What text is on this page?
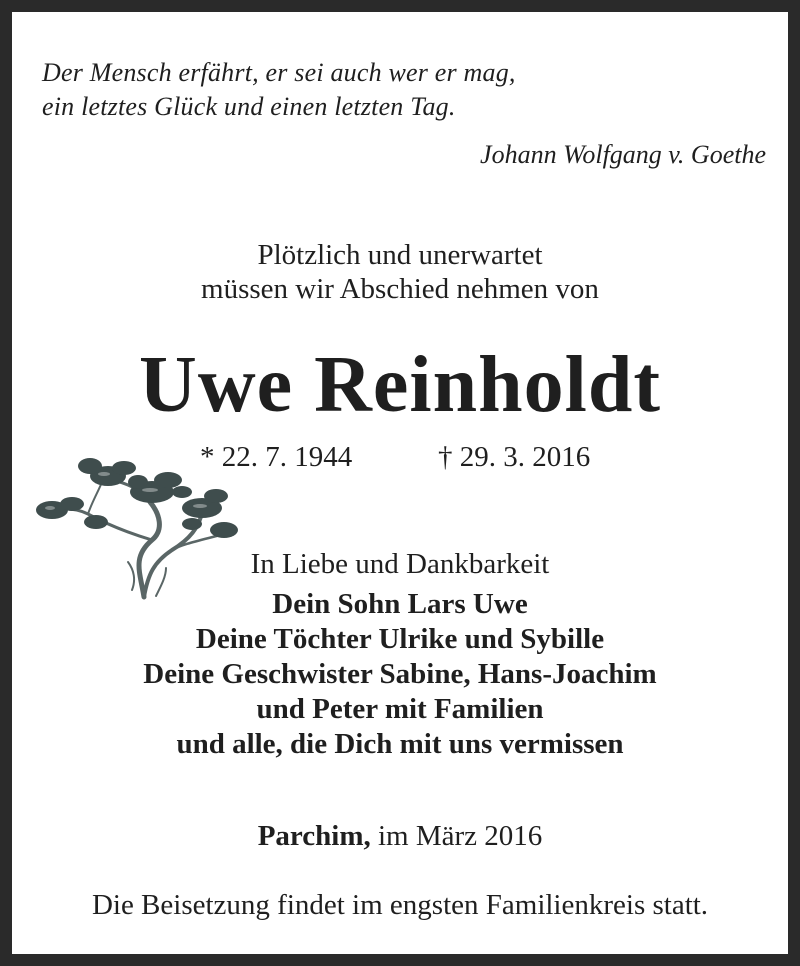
Der Mensch erfährt, er sei auch wer er mag,
ein letztes Glück und einen letzten Tag.
Johann Wolfgang v. Goethe
Plötzlich und unerwartet
müssen wir Abschied nehmen von
Uwe Reinholdt
* 22. 7. 1944	† 29. 3. 2016
In Liebe und Dankbarkeit
Dein Sohn Lars Uwe
Deine Töchter Ulrike und Sybille
Deine Geschwister Sabine, Hans-Joachim
und Peter mit Familien
und alle, die Dich mit uns vermissen
Parchim, im März 2016
Die Beisetzung findet im engsten Familienkreis statt.
